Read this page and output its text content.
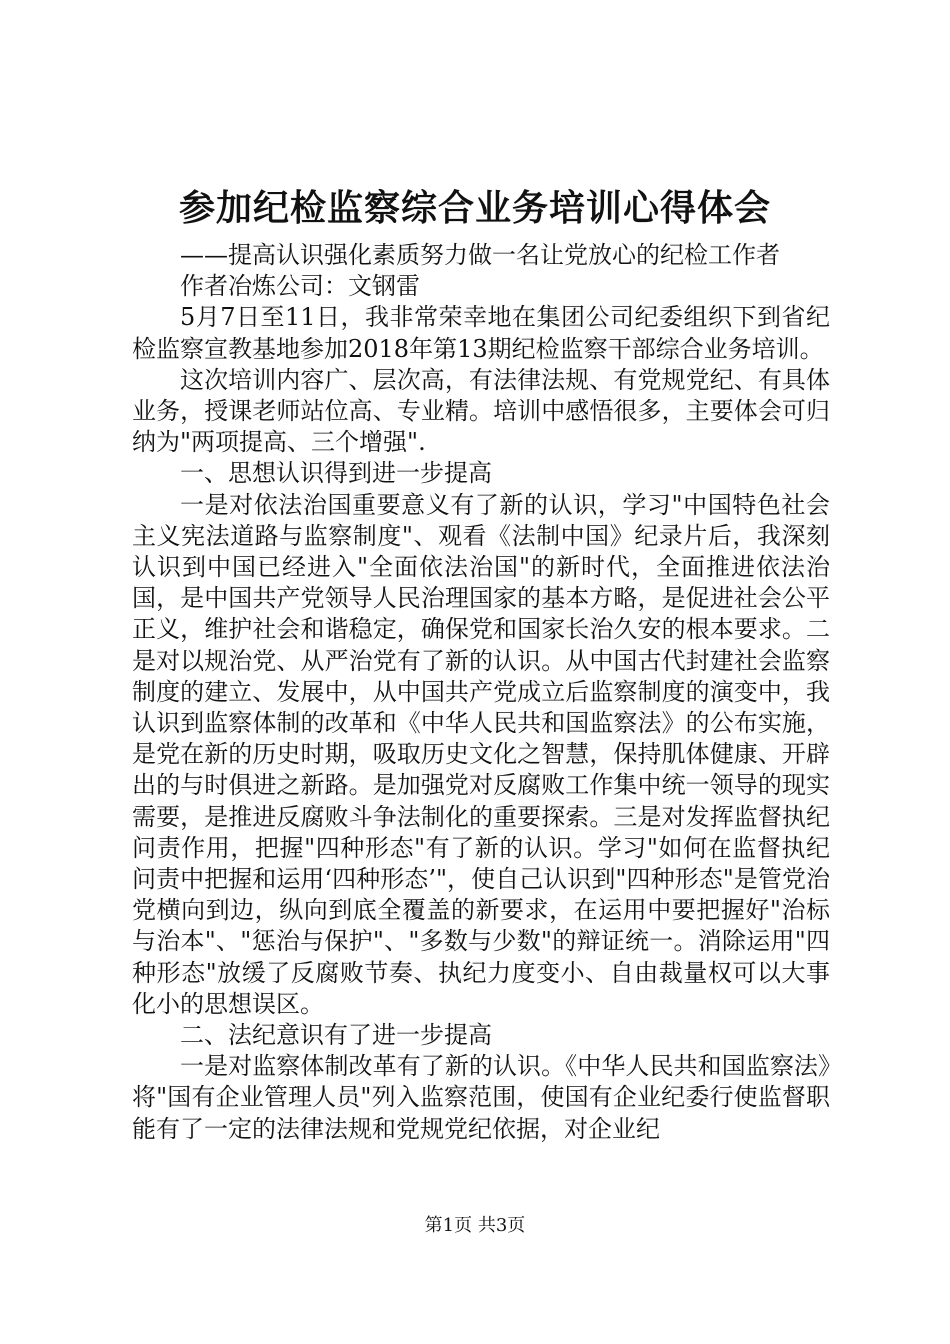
参加纪检监察综合业务培训心得体会

——提高认识强化素质努力做一名让党放心的纪检工作者

作者冶炼公司：文钢雷

5月7日至11日，我非常荣幸地在集团公司纪委组织下到省纪检监察宣教基地参加2018年第13期纪检监察干部综合业务培训。

这次培训内容广、层次高，有法律法规、有党规党纪、有具体业务，授课老师站位高、专业精。培训中感悟很多，主要体会可归纳为"两项提高、三个增强".

一、思想认识得到进一步提高

一是对依法治国重要意义有了新的认识，学习"中国特色社会主义宪法道路与监察制度"、观看《法制中国》纪录片后，我深刻认识到中国已经进入"全面依法治国"的新时代，全面推进依法治国，是中国共产党领导人民治理国家的基本方略，是促进社会公平正义，维护社会和谐稳定，确保党和国家长治久安的根本要求。二是对以规治党、从严治党有了新的认识。从中国古代封建社会监察制度的建立、发展中，从中国共产党成立后监察制度的演变中，我认识到监察体制的改革和《中华人民共和国监察法》的公布实施，是党在新的历史时期，吸取历史文化之智慧，保持肌体健康、开辟出的与时俱进之新路。是加强党对反腐败工作集中统一领导的现实需要，是推进反腐败斗争法制化的重要探索。三是对发挥监督执纪问责作用，把握"四种形态"有了新的认识。学习"如何在监督执纪问责中把握和运用‘四种形态’"，使自己认识到"四种形态"是管党治党横向到边，纵向到底全覆盖的新要求，在运用中要把握好"治标与治本"、"惩治与保护"、"多数与少数"的辩证统一。消除运用"四种形态"放缓了反腐败节奏、执纪力度变小、自由裁量权可以大事化小的思想误区。

二、法纪意识有了进一步提高

一是对监察体制改革有了新的认识。《中华人民共和国监察法》将"国有企业管理人员"列入监察范围，使国有企业纪委行使监督职能有了一定的法律法规和党规党纪依据，对企业纪

第1页 共3页
